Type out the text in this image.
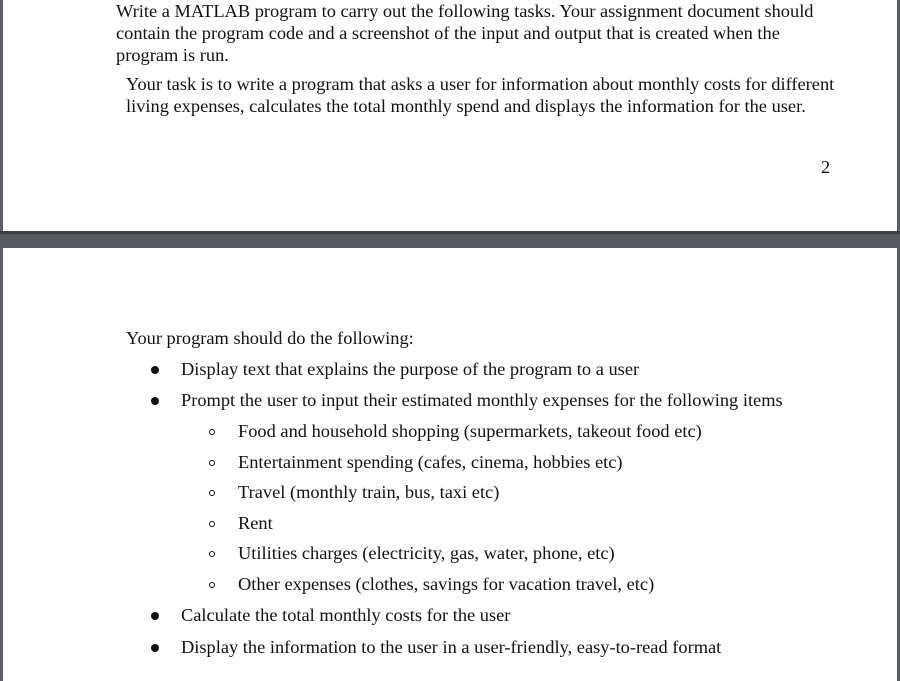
Write a MATLAB program to carry out the following tasks. Your assignment document should contain the program code and a screenshot of the input and output that is created when the program is run.

Your task is to write a program that asks a user for information about monthly costs for different living expenses, calculates the total monthly spend and displays the information for the user.

2

Your program should do the following:

Display text that explains the purpose of the program to a user
Prompt the user to input their estimated monthly expenses for the following items
Food and household shopping (supermarkets, takeout food etc)
Entertainment spending (cafes, cinema, hobbies etc)
Travel (monthly train, bus, taxi etc)
Rent
Utilities charges (electricity, gas, water, phone, etc)
Other expenses (clothes, savings for vacation travel, etc)
Calculate the total monthly costs for the user
Display the information to the user in a user-friendly, easy-to-read format
